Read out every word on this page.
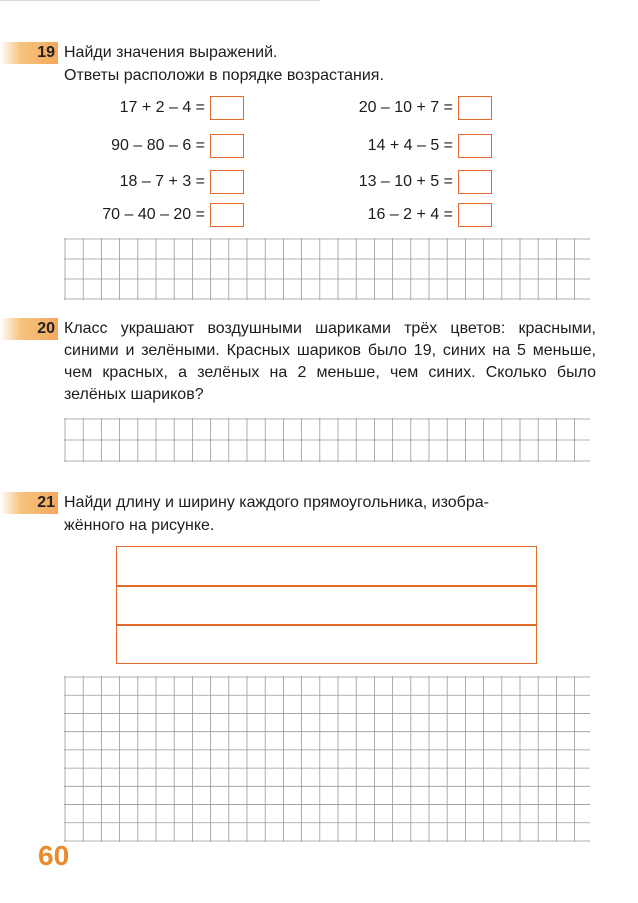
19 Найди значения выражений.
Ответы расположи в порядке возрастания.
17 + 2 – 4 =
90 – 80 – 6 =
18 – 7 + 3 =
70 – 40 – 20 =
20 – 10 + 7 =
14 + 4 – 5 =
13 – 10 + 5 =
16 – 2 + 4 =
20 Класс украшают воздушными шариками трёх цветов: красными, синими и зелёными. Красных шариков было 19, синих на 5 меньше, чем красных, а зелёных на 2 меньше, чем синих. Сколько было зелёных шариков?
21 Найди длину и ширину каждого прямоугольника, изобра-
жённого на рисунке.
60
